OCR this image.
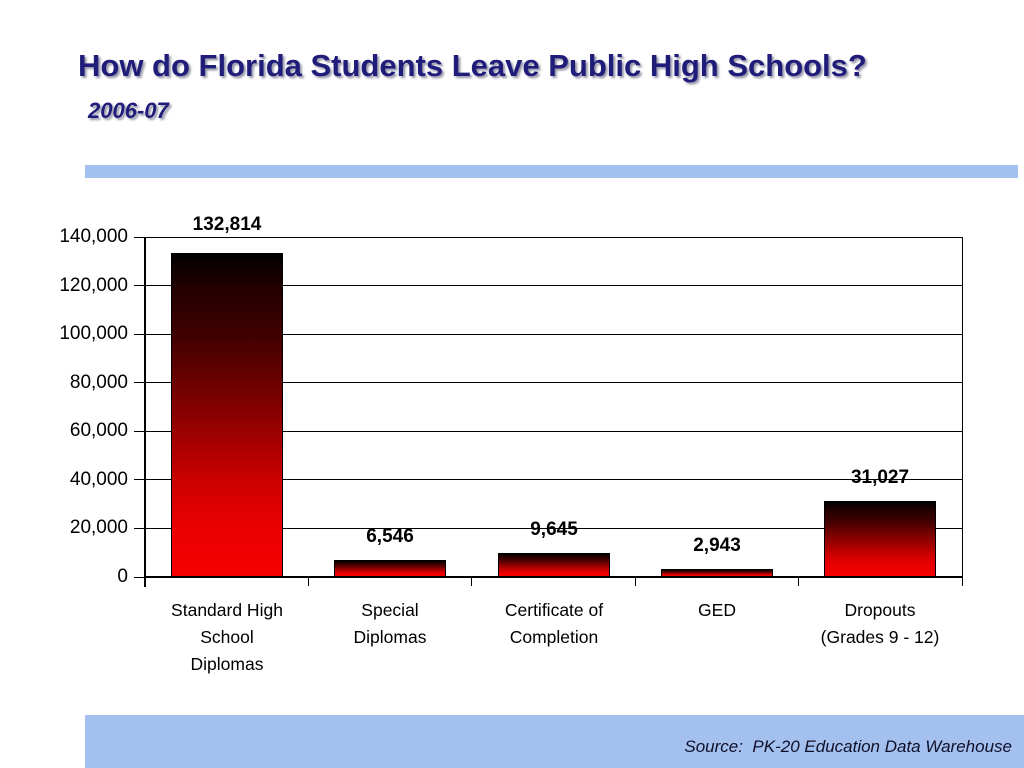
How do Florida Students Leave Public High Schools?
2006-07
0
20,000
40,000
60,000
80,000
100,000
120,000
140,000
132,814
Standard High
School
Diplomas
6,546
Special
Diplomas
9,645
Certificate of
Completion
2,943
GED
31,027
Dropouts
(Grades 9 - 12)
Source:  PK-20 Education Data Warehouse
